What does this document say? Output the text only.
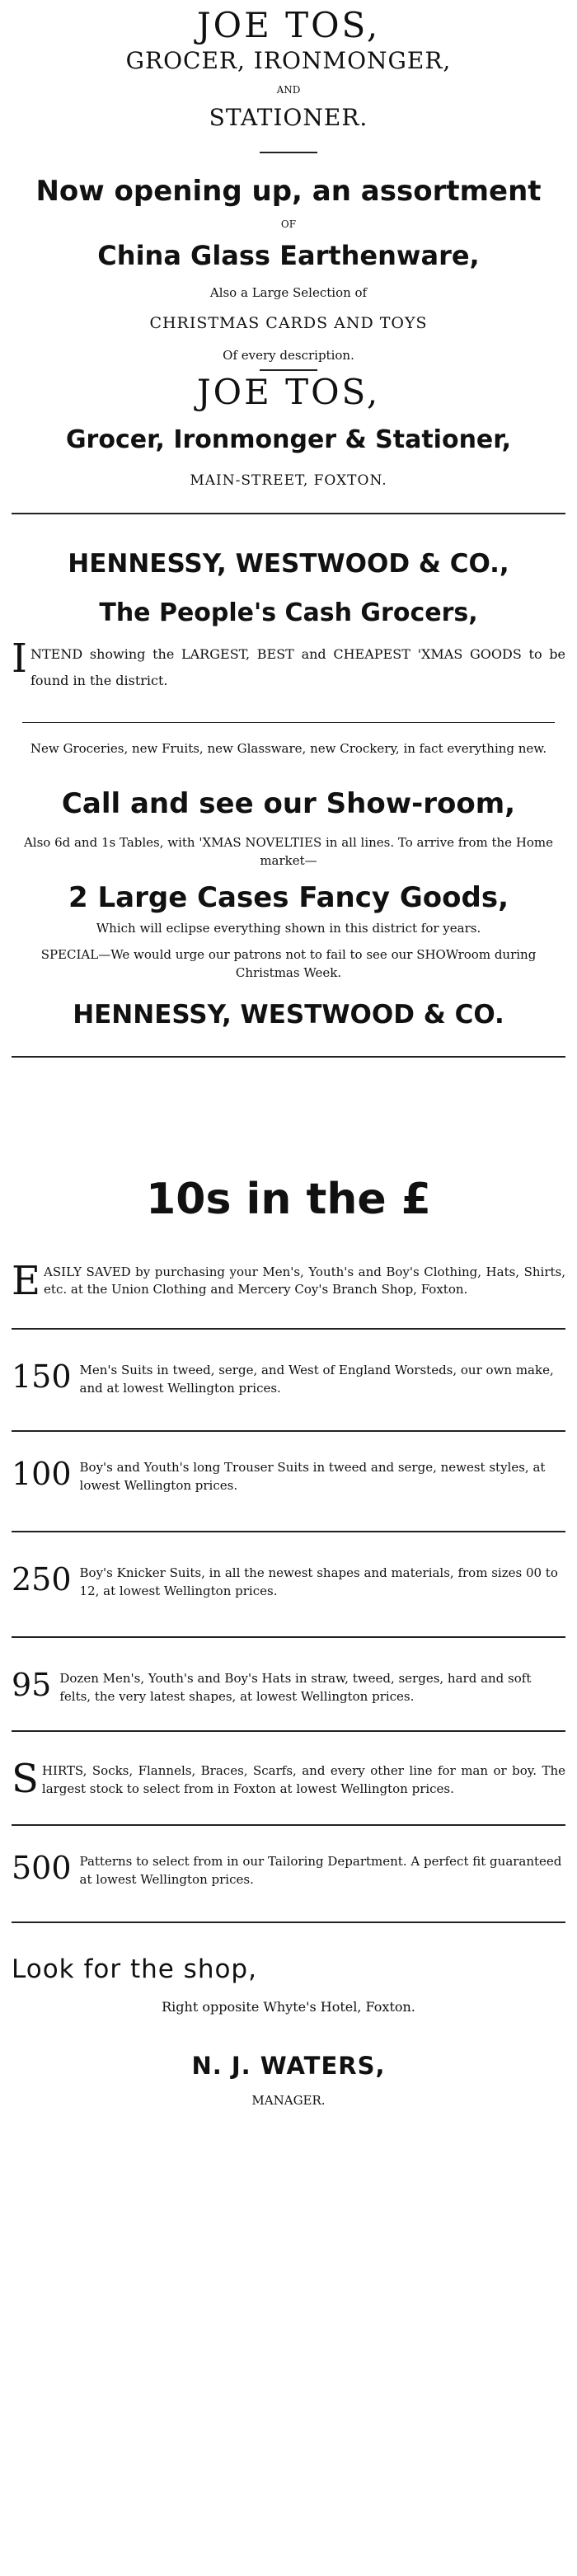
JOE TOS,
GROCER, IRONMONGER,
AND
STATIONER.
Now opening up, an assortment
OF
China Glass Earthenware,
Also a Large Selection of
CHRISTMAS CARDS AND TOYS
Of every description.
JOE TOS,
Grocer, Ironmonger & Stationer,
MAIN-STREET, FOXTON.
HENNESSY, WESTWOOD & CO.,
The People's Cash Grocers,
I NTEND showing the LARGEST, BEST and CHEAPEST 'XMAS GOODS to be found in the district.
New Groceries, new Fruits, new Glassware, new Crockery, in fact everything new.
Call and see our Show-room,
Also 6d and 1s Tables, with 'XMAS NOVELTIES in all lines. To arrive from the Home market—
2 Large Cases Fancy Goods,
Which will eclipse everything shown in this district for years.
SPECIAL—We would urge our patrons not to fail to see our SHOWroom during Christmas Week.
HENNESSY, WESTWOOD & CO.
10s in the £
E ASILY SAVED by purchasing your Men's, Youth's and Boy's Clothing, Hats, Shirts, etc. at the Union Clothing and Mercery Coy's Branch Shop, Foxton.
150 Men's Suits in tweed, serge, and West of England Worsteds, our own make, and at lowest Wellington prices.
100 Boy's and Youth's long Trouser Suits in tweed and serge, newest styles, at lowest Wellington prices.
250 Boy's Knicker Suits, in all the newest shapes and materials, from sizes 00 to 12, at lowest Wellington prices.
95 Dozen Men's, Youth's and Boy's Hats in straw, tweed, serges, hard and soft felts, the very latest shapes, at lowest Wellington prices.
S HIRTS, Socks, Flannels, Braces, Scarfs, and every other line for man or boy. The largest stock to select from in Foxton at lowest Wellington prices.
500 Patterns to select from in our Tailoring Department. A perfect fit guaranteed at lowest Wellington prices.
Look for the shop,
Right opposite Whyte's Hotel, Foxton.
N. J. WATERS,
MANAGER.
